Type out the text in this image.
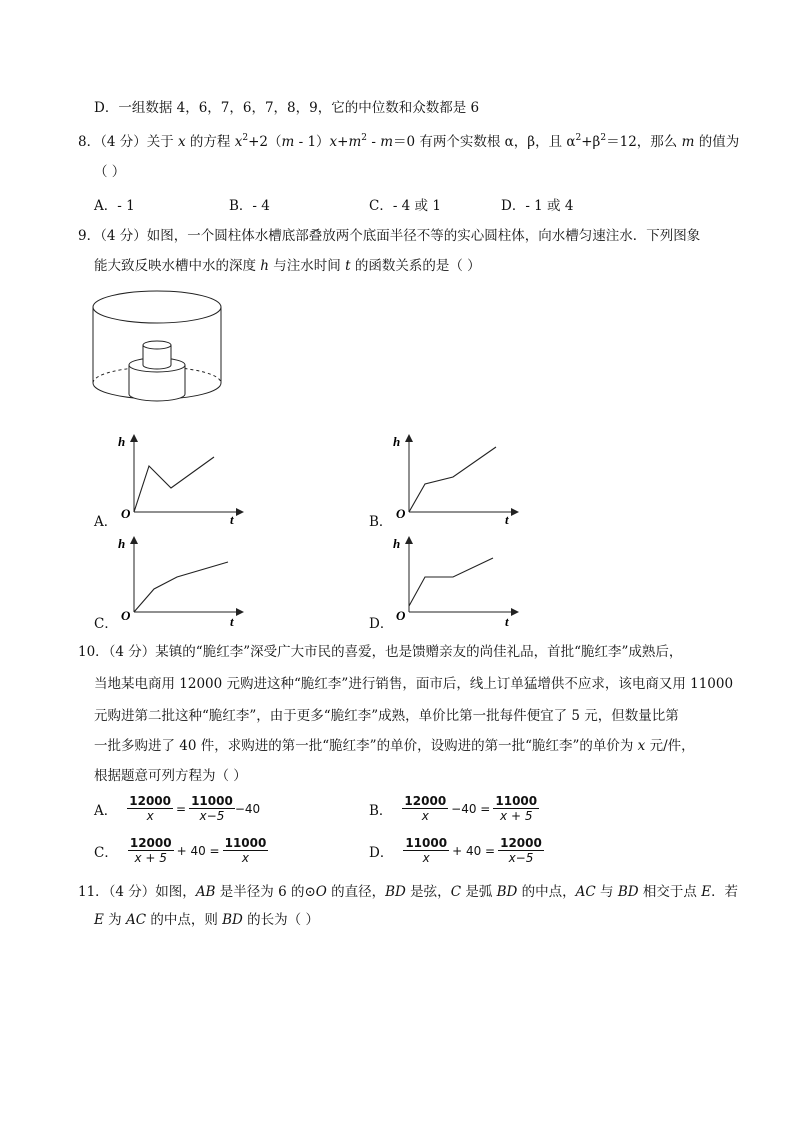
D．一组数据 4，6，7，6，7，8，9，它的中位数和众数都是 6
8．（4 分）关于 x 的方程 $x^2+2(m - 1)x+m^2 - m=0$ 有两个实数根 α，β，且 $\alpha^2+\beta^2=12$，那么 m 的值为
（ ）
A．- 1	B．- 4	C．- 4 或 1	D．- 1 或 4
9．（4 分）如图，一个圆柱体水槽底部叠放两个底面半径不等的实心圆柱体，向水槽匀速注水．下列图象
能大致反映水槽中水的深度 h 与注水时间 t 的函数关系的是（ ）
A．
h
O	t	B．
h
O	t
C．
h
O	t	D．
h
O	t
10．（4 分）某镇的“脆红李”深受广大市民的喜爱，也是馈赠亲友的尚佳礼品，首批“脆红李”成熟后，
当地某电商用 12000 元购进这种“脆红李”进行销售，面市后，线上订单猛增供不应求，该电商又用 11000
元购进第二批这种“脆红李”，由于更多“脆红李”成熟，单价比第一批每件便宜了 5 元，但数量比第
一批多购进了 40 件，求购进的第一批“脆红李”的单价，设购进的第一批“脆红李”的单价为 x 元/件，
根据题意可列方程为（ ）
A． $\frac{12000}{x} = \frac{11000}{x-5} -40$	B． $\frac{12000}{x} -40 = \frac{11000}{x + 5}$
C． $\frac{12000}{x + 5} + 40 = \frac{11000}{x}$	D． $\frac{11000}{x} + 40 = \frac{12000}{x-5}$
11．（4 分）如图，AB 是半径为 6 的⊙O 的直径，BD 是弦，C 是弧 BD 的中点，AC 与 BD 相交于点 E．若
E 为 AC 的中点，则 BD 的长为（ ）
